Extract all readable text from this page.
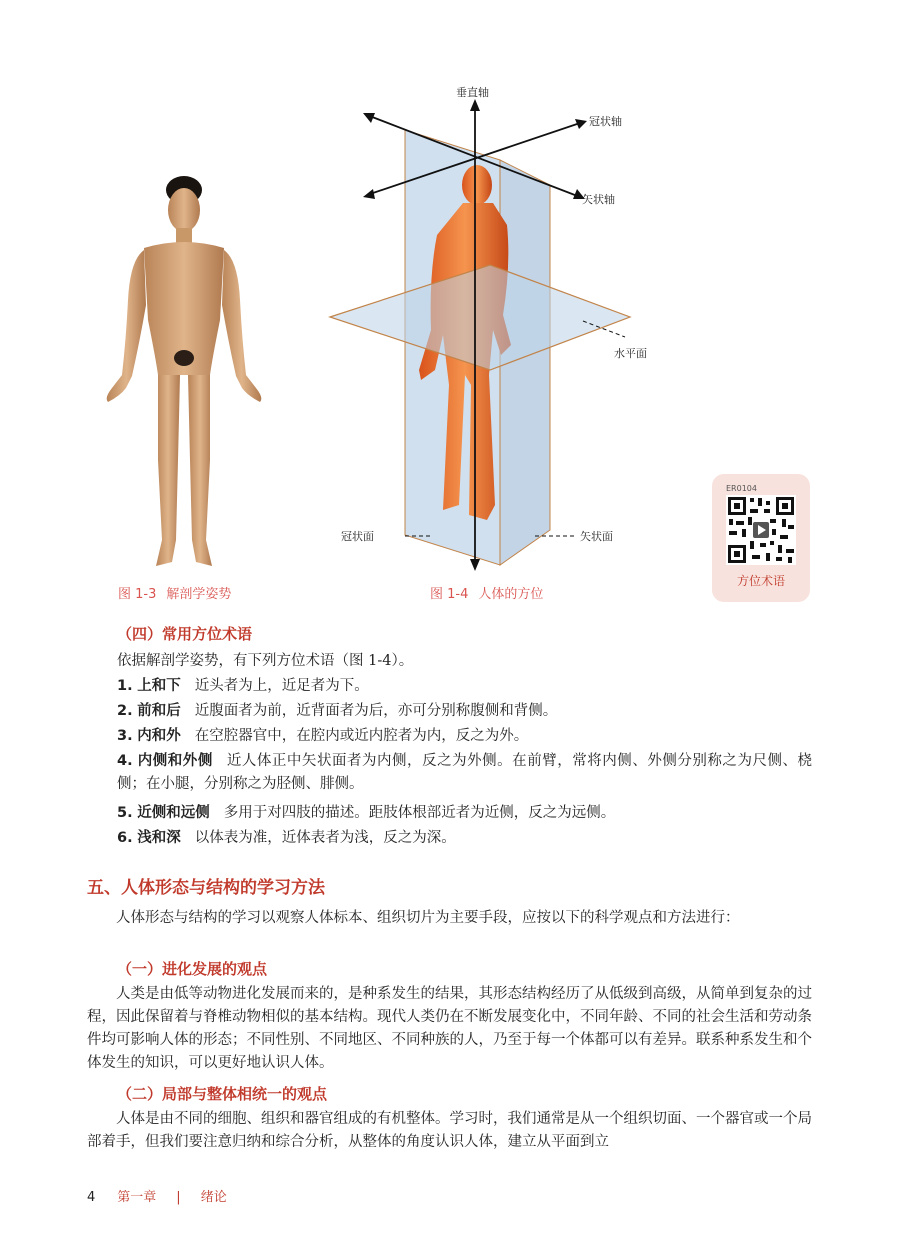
图 1-3 解剖学姿势
垂直轴
冠状轴
矢状轴
水平面
冠状面	矢状面
图 1-4 人体的方位
ER0104
方位术语
（四）常用方位术语
依据解剖学姿势，有下列方位术语（图 1-4）。
1. 上和下 近头者为上，近足者为下。
2. 前和后 近腹面者为前，近背面者为后，亦可分别称腹侧和背侧。
3. 内和外 在空腔器官中，在腔内或近内腔者为内，反之为外。
4. 内侧和外侧 近人体正中矢状面者为内侧，反之为外侧。在前臂，常将内侧、外侧分别称之为尺侧、桡侧；在小腿，分别称之为胫侧、腓侧。
5. 近侧和远侧 多用于对四肢的描述。距肢体根部近者为近侧，反之为远侧。
6. 浅和深 以体表为准，近体表者为浅，反之为深。
五、人体形态与结构的学习方法
人体形态与结构的学习以观察人体标本、组织切片为主要手段，应按以下的科学观点和方法进行：
（一）进化发展的观点
人类是由低等动物进化发展而来的，是种系发生的结果，其形态结构经历了从低级到高级，从简单到复杂的过程，因此保留着与脊椎动物相似的基本结构。现代人类仍在不断发展变化中，不同年龄、不同的社会生活和劳动条件均可影响人体的形态；不同性别、不同地区、不同种族的人，乃至于每一个体都可以有差异。联系种系发生和个体发生的知识，可以更好地认识人体。
（二）局部与整体相统一的观点
人体是由不同的细胞、组织和器官组成的有机整体。学习时，我们通常是从一个组织切面、一个器官或一个局部着手，但我们要注意归纳和综合分析，从整体的角度认识人体，建立从平面到立
4 第一章 | 绪论
